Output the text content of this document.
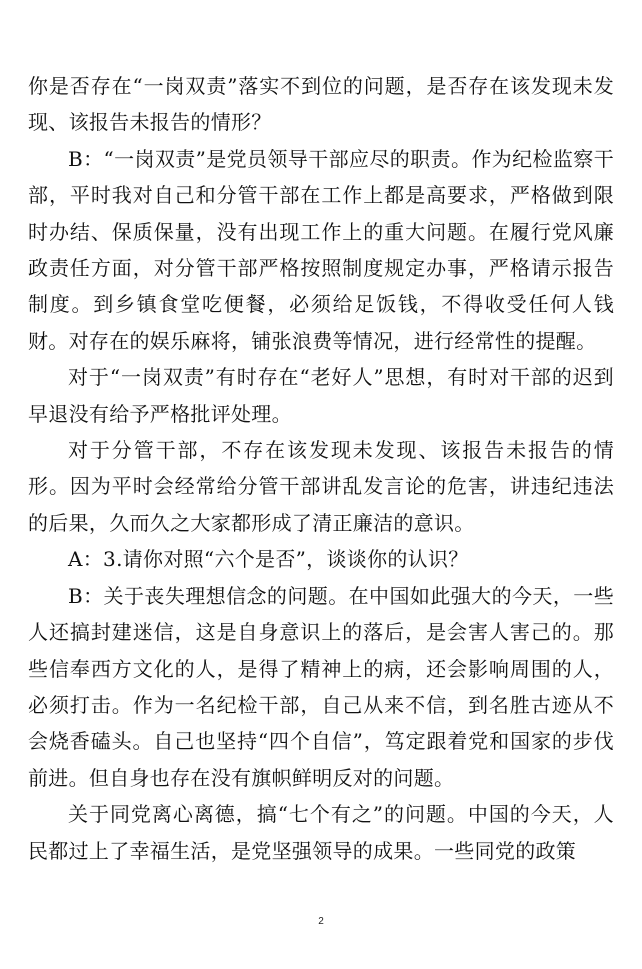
你是否存在“一岗双责”落实不到位的问题，是否存在该发现未发现、该报告未报告的情形？

B：“一岗双责”是党员领导干部应尽的职责。作为纪检监察干部，平时我对自己和分管干部在工作上都是高要求，严格做到限时办结、保质保量，没有出现工作上的重大问题。在履行党风廉政责任方面，对分管干部严格按照制度规定办事，严格请示报告制度。到乡镇食堂吃便餐，必须给足饭钱，不得收受任何人钱财。对存在的娱乐麻将，铺张浪费等情况，进行经常性的提醒。

对于“一岗双责”有时存在“老好人”思想，有时对干部的迟到早退没有给予严格批评处理。

对于分管干部，不存在该发现未发现、该报告未报告的情形。因为平时会经常给分管干部讲乱发言论的危害，讲违纪违法的后果，久而久之大家都形成了清正廉洁的意识。

A：3.请你对照“六个是否”，谈谈你的认识？

B：关于丧失理想信念的问题。在中国如此强大的今天，一些人还搞封建迷信，这是自身意识上的落后，是会害人害己的。那些信奉西方文化的人，是得了精神上的病，还会影响周围的人，必须打击。作为一名纪检干部，自己从来不信，到名胜古迹从不会烧香磕头。自己也坚持“四个自信”，笃定跟着党和国家的步伐前进。但自身也存在没有旗帜鲜明反对的问题。

关于同党离心离德，搞“七个有之”的问题。中国的今天，人民都过上了幸福生活，是党坚强领导的成果。一些同党的政策

2
